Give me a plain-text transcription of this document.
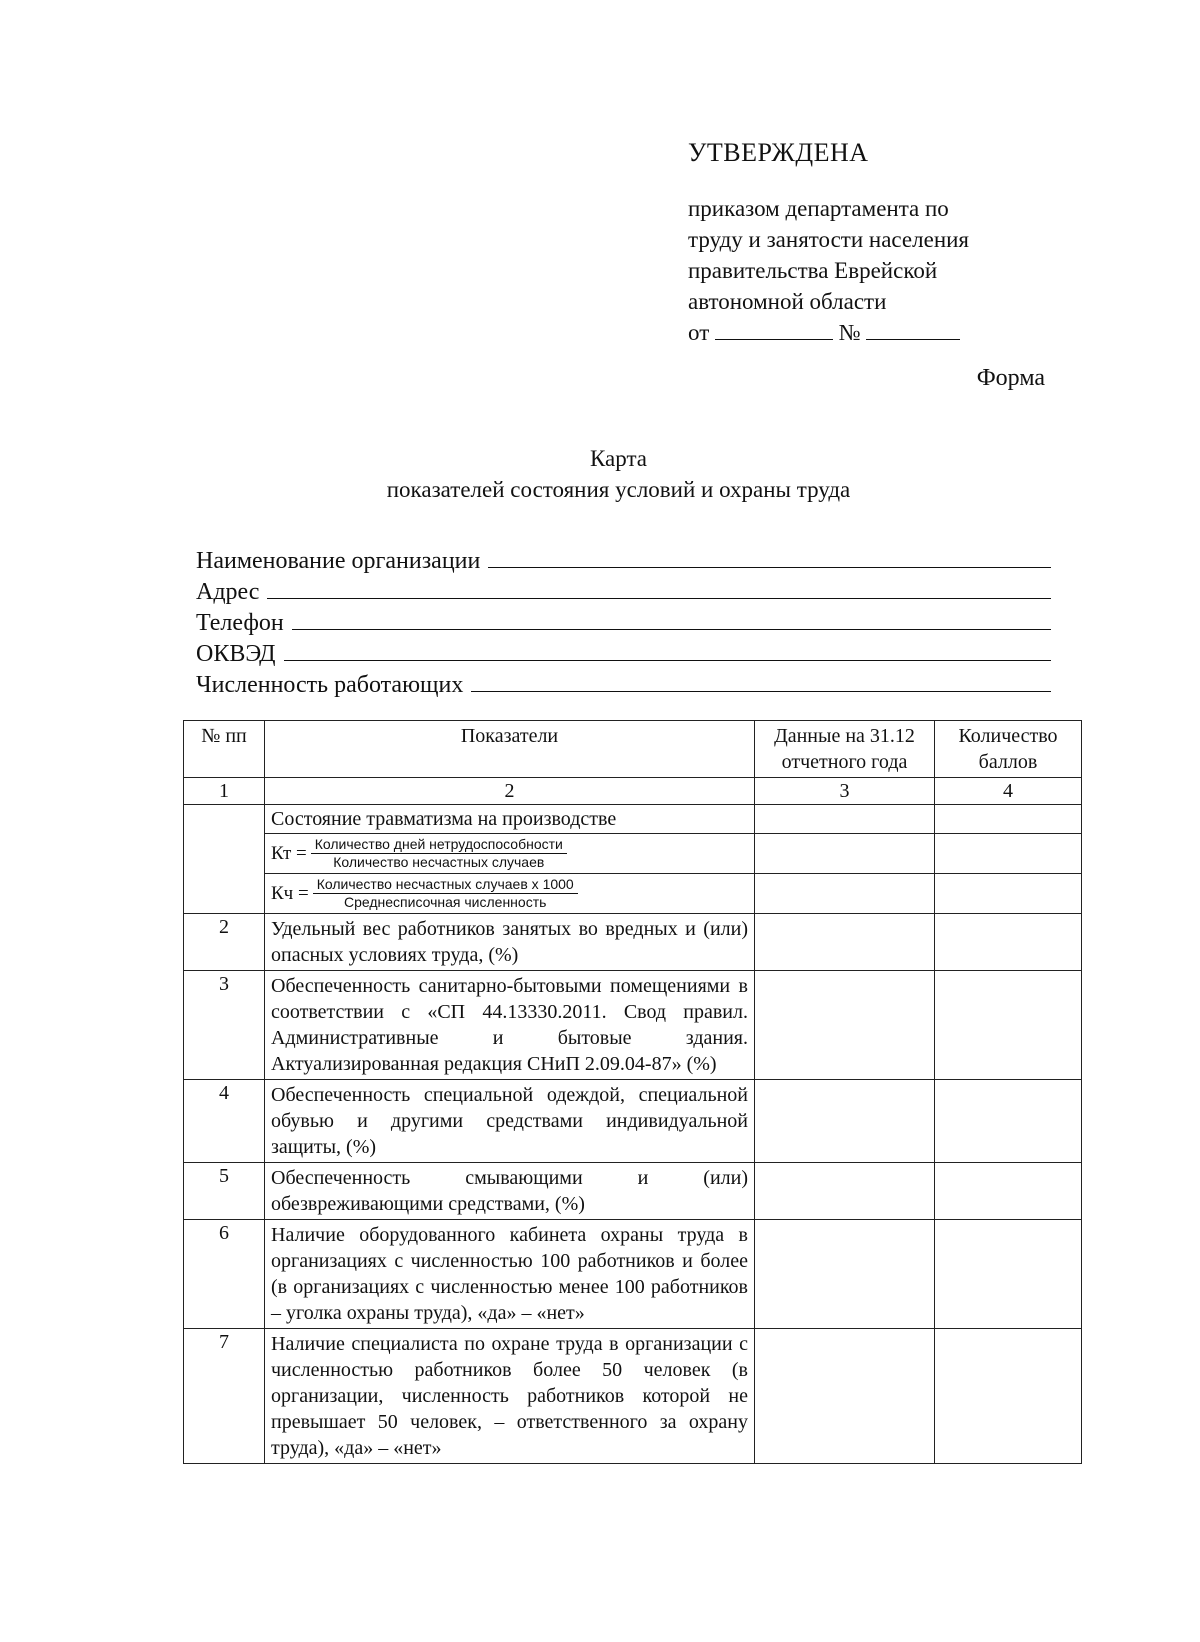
УТВЕРЖДЕНА
приказом департамента по
труду и занятости населения
правительства Еврейской
автономной области
от	№
Форма
Карта
показателей состояния условий и охраны труда
Наименование организации
Адрес
Телефон
ОКВЭД
Численность работающих
№ пп	Показатели	Данные на 31.12 отчетного года	Количество баллов
1	2	3	4
	Состояние травматизма на производстве		

	Кт = $\frac{\text{Количество дней нетрудоспособности}}{\text{Количество несчастных случаев}}$

	Кч = $\frac{\text{Количество несчастных случаев x 1000}}{\text{Среднесписочная численность}}$

2	Удельный вес работников занятых во вредных и (или) опасных условиях труда, (%)		
3	Обеспеченность санитарно-бытовыми помещениями в соответствии с «СП 44.13330.2011. Свод правил. Административные и бытовые здания. Актуализированная редакция СНиП 2.09.04-87» (%)		
4	Обеспеченность специальной одеждой, специальной обувью и другими средствами индивидуальной защиты, (%)		
5	Обеспеченность смывающими и (или) обезвреживающими средствами, (%)		
6	Наличие оборудованного кабинета охраны труда в организациях с численностью 100 работников и более (в организациях с численностью менее 100 работников – уголка охраны труда), «да» – «нет»		
7	Наличие специалиста по охране труда в организации с численностью работников более 50 человек (в организации, численность работников которой не превышает 50 человек, – ответственного за охрану труда), «да» – «нет»		
